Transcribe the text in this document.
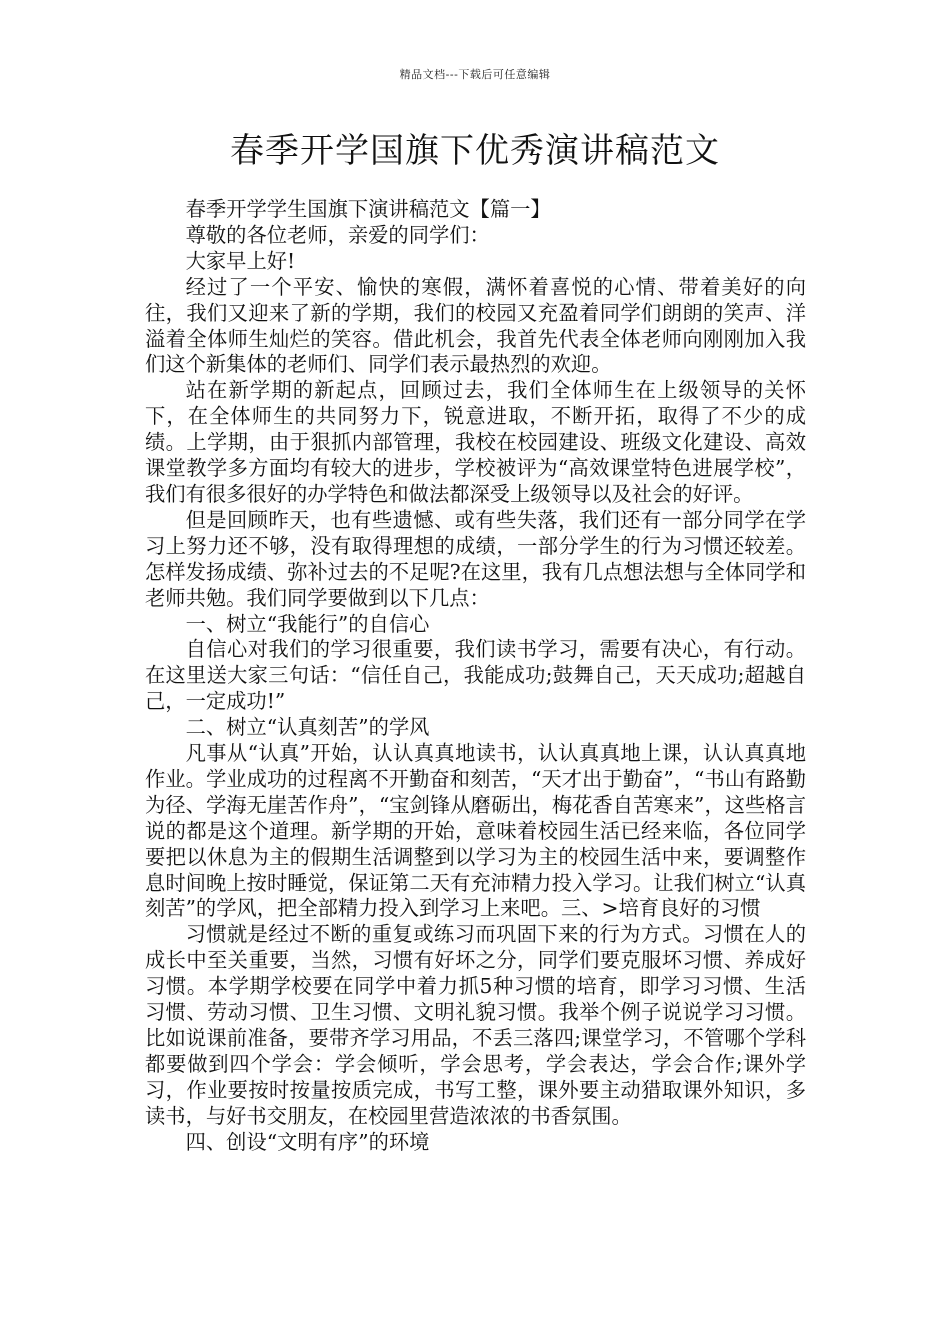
精品文档---下载后可任意编辑
春季开学国旗下优秀演讲稿范文

春季开学学生国旗下演讲稿范文【篇一】

尊敬的各位老师，亲爱的同学们：

大家早上好!

经过了一个平安、愉快的寒假，满怀着喜悦的心情、带着美好的向往，我们又迎来了新的学期，我们的校园又充盈着同学们朗朗的笑声、洋溢着全体师生灿烂的笑容。借此机会，我首先代表全体老师向刚刚加入我们这个新集体的老师们、同学们表示最热烈的欢迎。

站在新学期的新起点，回顾过去，我们全体师生在上级领导的关怀下，在全体师生的共同努力下，锐意进取，不断开拓，取得了不少的成绩。上学期，由于狠抓内部管理，我校在校园建设、班级文化建设、高效课堂教学多方面均有较大的进步，学校被评为“高效课堂特色进展学校”，我们有很多很好的办学特色和做法都深受上级领导以及社会的好评。

但是回顾昨天，也有些遗憾、或有些失落，我们还有一部分同学在学习上努力还不够，没有取得理想的成绩，一部分学生的行为习惯还较差。怎样发扬成绩、弥补过去的不足呢?在这里，我有几点想法想与全体同学和老师共勉。我们同学要做到以下几点：

一、树立“我能行”的自信心

自信心对我们的学习很重要，我们读书学习，需要有决心，有行动。在这里送大家三句话：“信任自己，我能成功;鼓舞自己，天天成功;超越自己，一定成功!”

二、树立“认真刻苦”的学风

凡事从“认真”开始，认认真真地读书，认认真真地上课，认认真真地作业。学业成功的过程离不开勤奋和刻苦，“天才出于勤奋”，“书山有路勤为径、学海无崖苦作舟”，“宝剑锋从磨砺出，梅花香自苦寒来”，这些格言说的都是这个道理。新学期的开始，意味着校园生活已经来临，各位同学要把以休息为主的假期生活调整到以学习为主的校园生活中来，要调整作息时间晚上按时睡觉，保证第二天有充沛精力投入学习。让我们树立“认真刻苦”的学风，把全部精力投入到学习上来吧。三、>培育良好的习惯

习惯就是经过不断的重复或练习而巩固下来的行为方式。习惯在人的成长中至关重要，当然，习惯有好坏之分，同学们要克服坏习惯、养成好习惯。本学期学校要在同学中着力抓5种习惯的培育，即学习习惯、生活习惯、劳动习惯、卫生习惯、文明礼貌习惯。我举个例子说说学习习惯。比如说课前准备，要带齐学习用品，不丢三落四;课堂学习，不管哪个学科都要做到四个学会：学会倾听，学会思考，学会表达，学会合作;课外学习，作业要按时按量按质完成，书写工整，课外要主动猎取课外知识，多读书，与好书交朋友，在校园里营造浓浓的书香氛围。

四、创设“文明有序”的环境
